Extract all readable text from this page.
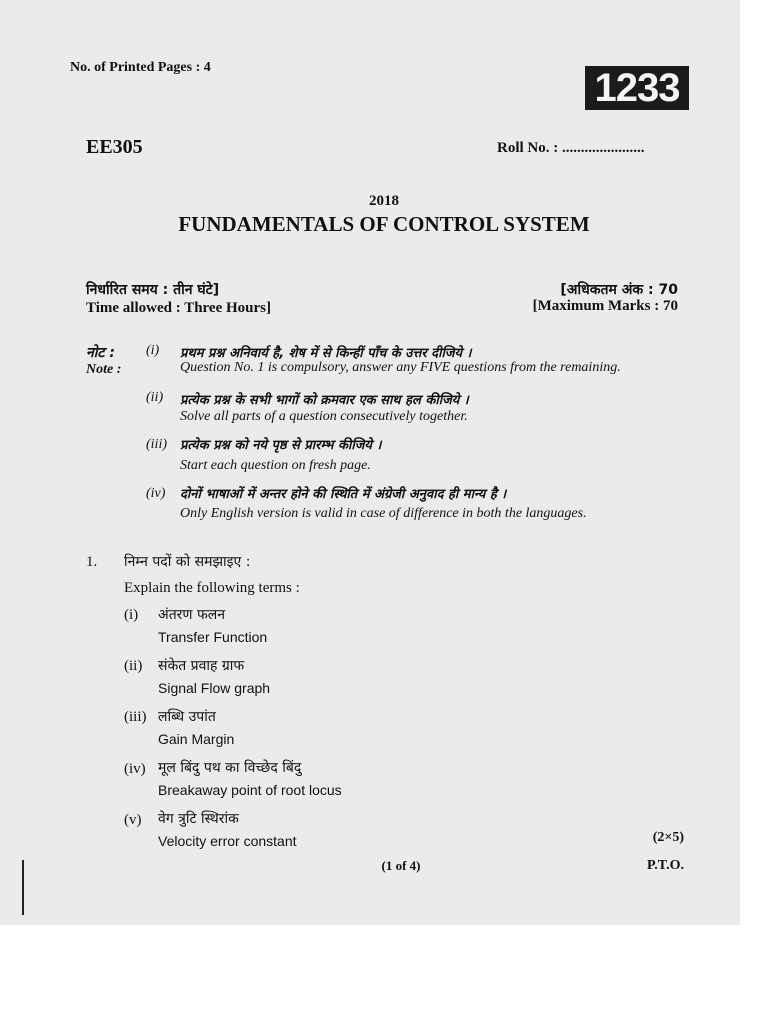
No. of Printed Pages : 4	1233
EE305	Roll No. : ......................
2018
FUNDAMENTALS OF CONTROL SYSTEM
निर्धारित समय : तीन घंटे]
Time allowed : Three Hours]
[अधिकतम अंक : 70
[Maximum Marks : 70
नोट :
Note :
(i) प्रथम प्रश्न अनिवार्य है, शेष में से किन्हीं पाँच के उत्तर दीजिये ।
Question No. 1 is compulsory, answer any FIVE questions from the remaining.
(ii) प्रत्येक प्रश्न के सभी भागों को क्रमवार एक साथ हल कीजिये ।
Solve all parts of a question consecutively together.
(iii) प्रत्येक प्रश्न को नये पृष्ठ से प्रारम्भ कीजिये ।
Start each question on fresh page.
(iv) दोनों भाषाओं में अन्तर होने की स्थिति में अंग्रेजी अनुवाद ही मान्य है ।
Only English version is valid in case of difference in both the languages.
1. निम्न पदों को समझाइए :
Explain the following terms :
(i) अंतरण फलन
Transfer Function
(ii) संकेत प्रवाह ग्राफ
Signal Flow graph
(iii) लब्धि उपांत
Gain Margin
(iv) मूल बिंदु पथ का विच्छेद बिंदु
Breakaway point of root locus
(v) वेग त्रुटि स्थिरांक
Velocity error constant	(2×5)
(1 of 4)	P.T.O.
